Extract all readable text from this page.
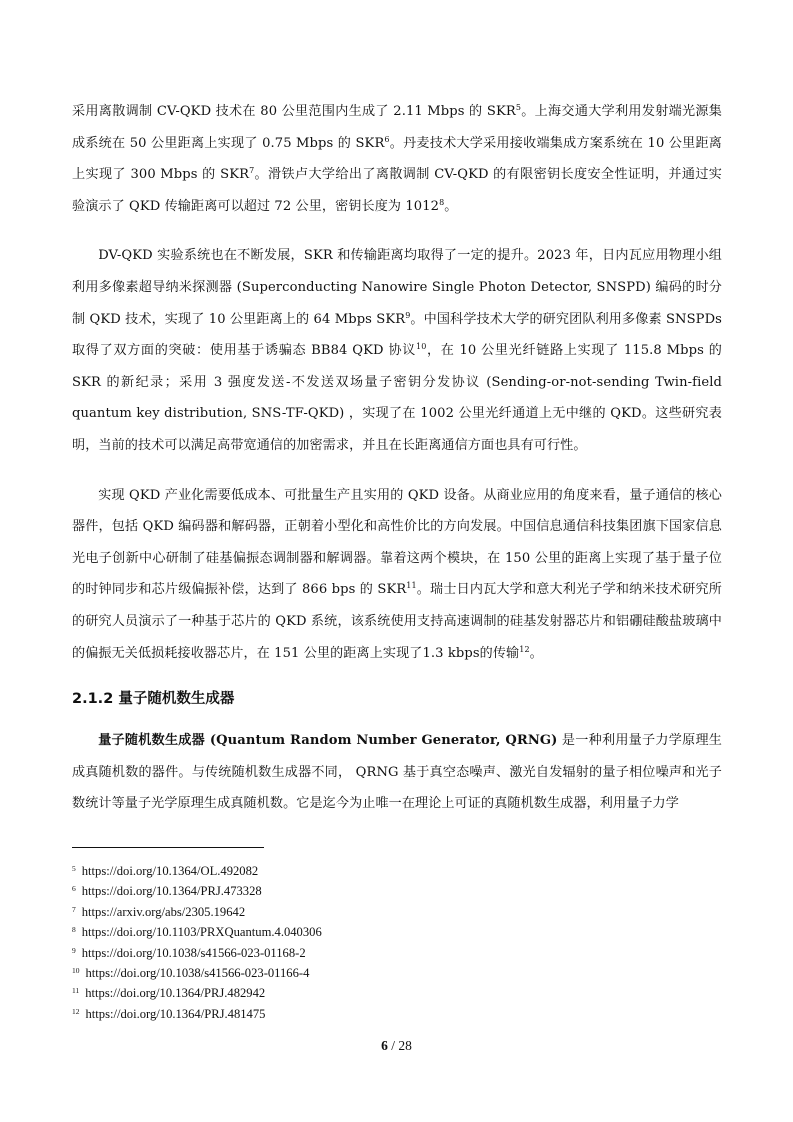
采用离散调制 CV-QKD 技术在 80 公里范围内生成了 2.11 Mbps 的 SKR$^5$。上海交通大学利用发射端光源集成系统在 50 公里距离上实现了 0.75 Mbps 的 SKR$^6$。丹麦技术大学采用接收端集成方案系统在 10 公里距离上实现了 300 Mbps 的 SKR$^7$。滑铁卢大学给出了离散调制 CV-QKD 的有限密钥长度安全性证明，并通过实验演示了 QKD 传输距离可以超过 72 公里，密钥长度为 1012$^8$。

DV-QKD 实验系统也在不断发展，SKR 和传输距离均取得了一定的提升。2023 年，日内瓦应用物理小组利用多像素超导纳米探测器 (Superconducting Nanowire Single Photon Detector, SNSPD) 编码的时分制 QKD 技术，实现了 10 公里距离上的 64 Mbps SKR$^9$。中国科学技术大学的研究团队利用多像素 SNSPDs 取得了双方面的突破：使用基于诱骗态 BB84 QKD 协议$^{10}$，在 10 公里光纤链路上实现了 115.8 Mbps 的 SKR 的新纪录；采用 3 强度发送-不发送双场量子密钥分发协议 (Sending-or-not-sending Twin-field quantum key distribution, SNS-TF-QKD) ，实现了在 1002 公里光纤通道上无中继的 QKD。这些研究表明，当前的技术可以满足高带宽通信的加密需求，并且在长距离通信方面也具有可行性。

实现 QKD 产业化需要低成本、可批量生产且实用的 QKD 设备。从商业应用的角度来看，量子通信的核心器件，包括 QKD 编码器和解码器，正朝着小型化和高性价比的方向发展。中国信息通信科技集团旗下国家信息光电子创新中心研制了硅基偏振态调制器和解调器。靠着这两个模块，在 150 公里的距离上实现了基于量子位的时钟同步和芯片级偏振补偿，达到了 866 bps 的 SKR$^{11}$。瑞士日内瓦大学和意大利光子学和纳米技术研究所的研究人员演示了一种基于芯片的 QKD 系统，该系统使用支持高速调制的硅基发射器芯片和铝硼硅酸盐玻璃中的偏振无关低损耗接收器芯片，在 151 公里的距离上实现了1.3 kbps的传输$^{12}$。

2.1.2 量子随机数生成器

量子随机数生成器 (Quantum Random Number Generator, QRNG) 是一种利用量子力学原理生成真随机数的器件。与传统随机数生成器不同， QRNG 基于真空态噪声、激光自发辐射的量子相位噪声和光子数统计等量子光学原理生成真随机数。它是迄今为止唯一在理论上可证的真随机数生成器，利用量子力学

$^5$ https://doi.org/10.1364/OL.492082

$^6$ https://doi.org/10.1364/PRJ.473328

$^7$ https://arxiv.org/abs/2305.19642

$^8$ https://doi.org/10.1103/PRXQuantum.4.040306

$^9$ https://doi.org/10.1038/s41566-023-01168-2

$^{10}$ https://doi.org/10.1038/s41566-023-01166-4

$^{11}$ https://doi.org/10.1364/PRJ.482942

$^{12}$ https://doi.org/10.1364/PRJ.481475

6 / 28
